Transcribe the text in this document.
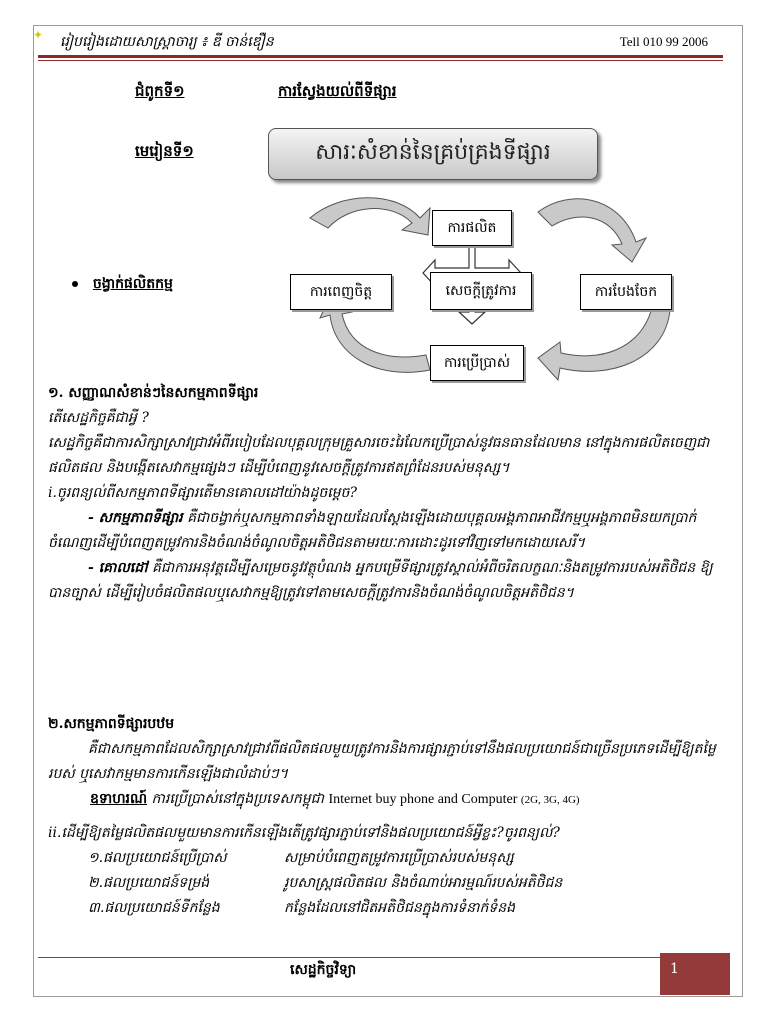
✦ រៀបរៀងដោយសាស្ត្រាចារ្យ ៖ ឌី ចាន់ឌឿន	Tell 010 99 2006
ជំពូកទី១	ការស្វែងយល់ពីទីផ្សារ
មេរៀនទី១	សារៈសំខាន់នៃគ្រប់គ្រងទីផ្សារ
ចង្វាក់ផលិតកម្ម
ការផលិត
សេចក្តីត្រូវការ
ការពេញចិត្ត	ការបែងចែក
ការប្រើប្រាស់
១. សញ្ញាណសំខាន់ៗនៃសកម្មភាពទីផ្សារ
តើសេដ្ឋកិច្ចគឺជាអ្វី ?
សេដ្ឋកិច្ចគឺជាការសិក្សាស្រាវជ្រាវអំពីរបៀបដែលបុគ្គលក្រុមគ្រួសារចេះរៃលែកប្រើប្រាស់នូវធនធានដែលមាន នៅក្នុងការផលិតចេញជាផលិតផល និងបង្កើតសេវាកម្មផ្សេងៗ ដើម្បីបំពេញនូវសេចក្តីត្រូវការឥតព្រំដែនរបស់មនុស្ស។
i.ចូរពន្យល់ពីសកម្មភាពទីផ្សារតើមានគោលដៅយ៉ាងដូចម្តេច?
- សកម្មភាពទីផ្សារ គឺជាចង្វាក់ឬសកម្មភាពទាំងឡាយដែលស្តែងឡើងដោយបុគ្គលអង្គភាពអាជីវកម្មឬអង្គភាពមិនយកប្រាក់ចំណេញដើម្បីបំពេញតម្រូវការនិងចំណង់ចំណូលចិត្តអតិថិជនតាមរយៈការដោះដូរទៅវិញទៅមកដោយសេរី។
- គោលដៅ គឺជាការអនុវត្តដើម្បីសម្រេចនូវវត្ថុបំណង អ្នកបម្រើទីផ្សារត្រូវស្គាល់អំពីចរិតលក្ខណៈនិងតម្រូវការរបស់អតិថិជន ឱ្យបានច្បាស់ ដើម្បីរៀបចំផលិតផលឬសេវាកម្មឱ្យត្រូវទៅតាមសេចក្តីត្រូវការនិងចំណង់ចំណូលចិត្តអតិថិជន។
២.សកម្មភាពទីផ្សារបឋម
គឺជាសកម្មភាពដែលសិក្សាស្រាវជ្រាវពីផលិតផលមួយត្រូវការនិងការផ្សារភ្ជាប់ទៅនឹងផលប្រយោជន៍ជាច្រើនប្រភេទដើម្បីឱ្យតម្លៃរបស់ ឬសេវាកម្មមានការកើនឡើងជាលំដាប់ៗ។
ឧទាហរណ៍ ការប្រើប្រាស់នៅក្នុងប្រទេសកម្ពុជា Internet buy phone and Computer (2G, 3G, 4G)
ii.ដើម្បីឱ្យតម្លៃផលិតផលមួយមានការកើនឡើងតើត្រូវផ្សារភ្ជាប់ទៅនិងផលប្រយោជន៍អ្វីខ្លះ?ចូរពន្យល់?
១.ផលប្រយោជន៍ប្រើប្រាស់	សម្រាប់បំពេញតម្រូវការប្រើប្រាស់របស់មនុស្ស
២.ផលប្រយោជន៍ទម្រង់	រូបសាស្ត្រផលិតផល និងចំណាប់អារម្មណ៍របស់អតិថិជន
៣.ផលប្រយោជន៍ទីកន្លែង	កន្លែងដែលនៅជិតអតិថិជនក្នុងការទំនាក់ទំនង
សេដ្ឋកិច្ចវិទ្យា	1
